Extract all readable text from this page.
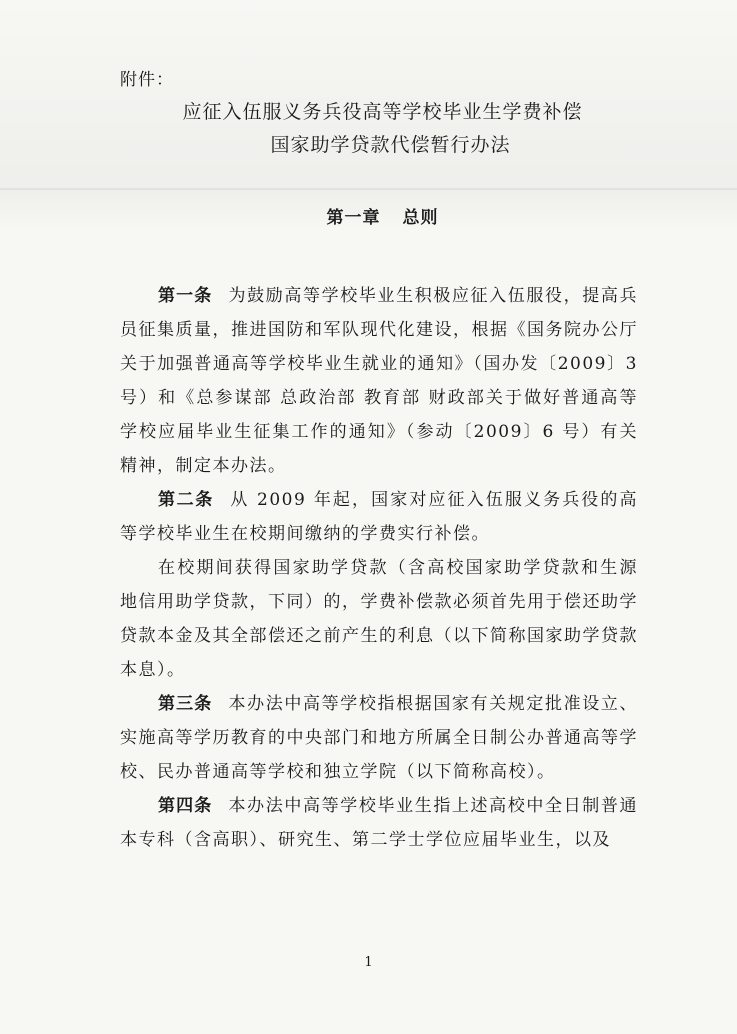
附件：
应征入伍服义务兵役高等学校毕业生学费补偿
国家助学贷款代偿暂行办法
第一章 总则

第一条 为鼓励高等学校毕业生积极应征入伍服役，提高兵员征集质量，推进国防和军队现代化建设，根据《国务院办公厅关于加强普通高等学校毕业生就业的通知》（国办发〔2009〕3号）和《总参谋部 总政治部 教育部 财政部关于做好普通高等学校应届毕业生征集工作的通知》（参动〔2009〕6 号）有关精神，制定本办法。

第二条 从 2009 年起，国家对应征入伍服义务兵役的高等学校毕业生在校期间缴纳的学费实行补偿。

在校期间获得国家助学贷款（含高校国家助学贷款和生源地信用助学贷款，下同）的，学费补偿款必须首先用于偿还助学贷款本金及其全部偿还之前产生的利息（以下简称国家助学贷款本息）。

第三条 本办法中高等学校指根据国家有关规定批准设立、实施高等学历教育的中央部门和地方所属全日制公办普通高等学校、民办普通高等学校和独立学院（以下简称高校）。

第四条 本办法中高等学校毕业生指上述高校中全日制普通本专科（含高职）、研究生、第二学士学位应届毕业生，以及

1
